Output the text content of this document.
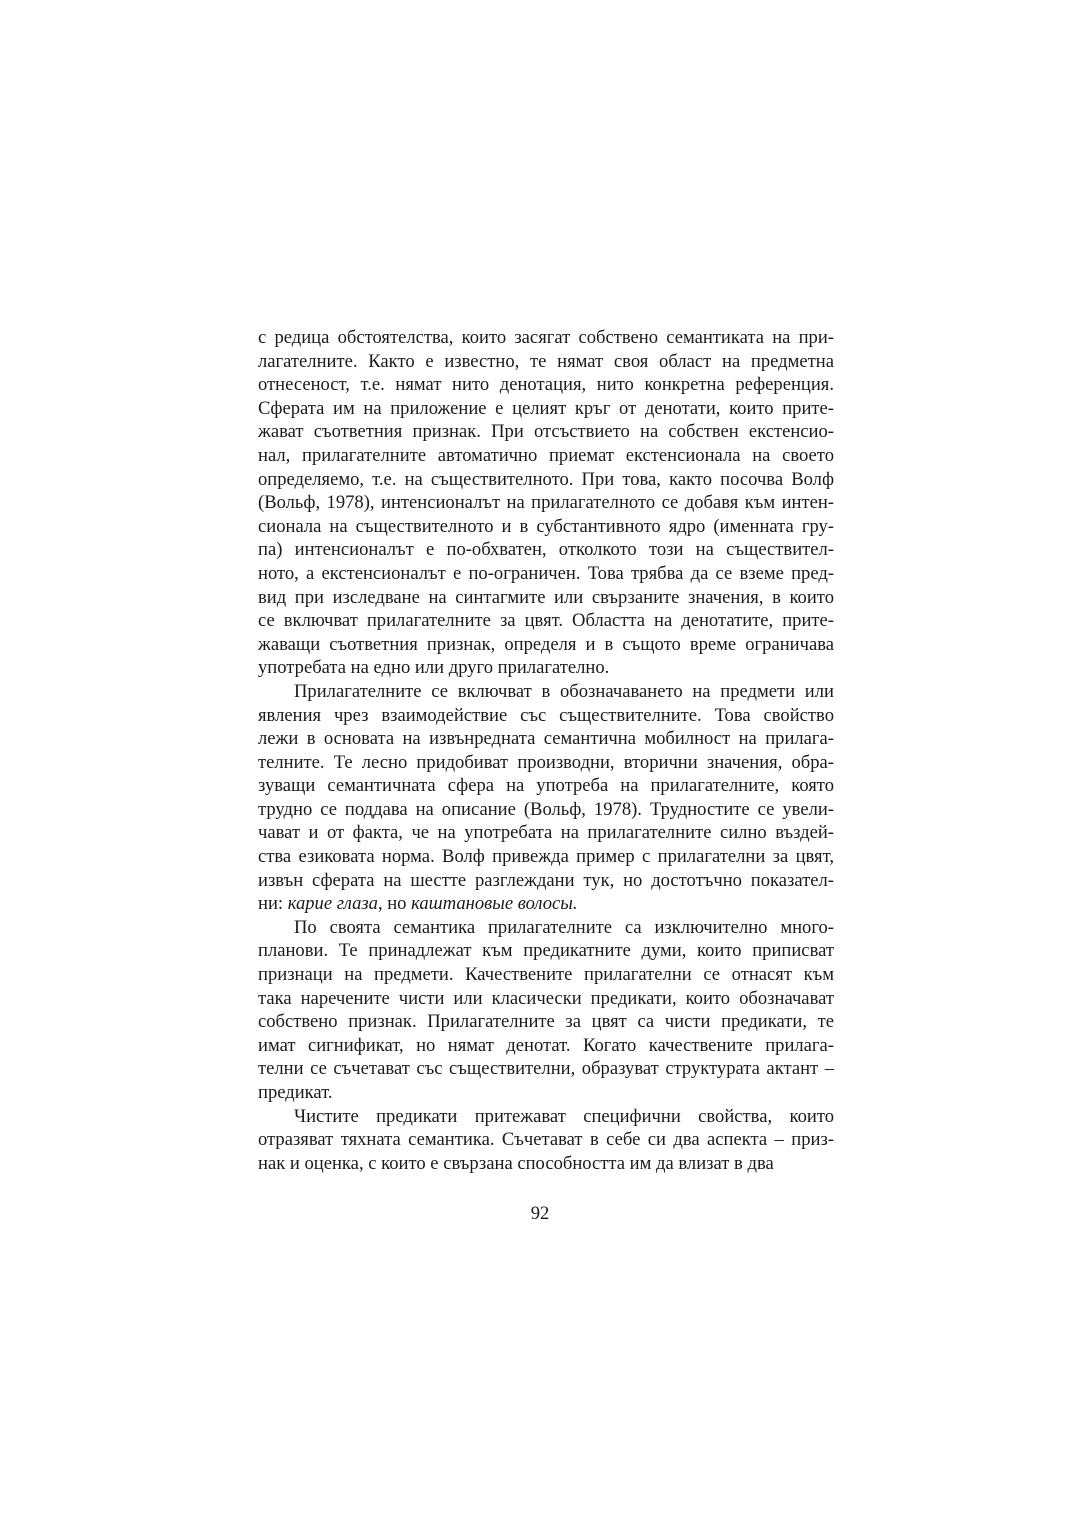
с редица обстоятелства, които засягат собствено семантиката на при-
лагателните. Както е известно, те нямат своя област на предметна
отнесеност, т.е. нямат нито денотация, нито конкретна референция.
Сферата им на приложение е целият кръг от денотати, които прите-
жават съответния признак. При отсъствието на собствен екстенсио-
нал, прилагателните автоматично приемат екстенсионала на своето
определяемо, т.е. на съществителното. При това, както посочва Волф
(Вольф, 1978), интенсионалът на прилагателното се добавя към интен-
сионала на съществителното и в субстантивното ядро (именната гру-
па) интенсионалът е по-обхватен, отколкото този на съществител-
ното, а екстенсионалът е по-ограничен. Това трябва да се вземе пред-
вид при изследване на синтагмите или свързаните значения, в които
се включват прилагателните за цвят. Областта на денотатите, прите-
жаващи съответния признак, определя и в същото време ограничава
употребата на едно или друго прилагателно.
Прилагателните се включват в обозначаването на предмети или
явления чрез взаимодействие със съществителните. Това свойство
лежи в основата на извънредната семантична мобилност на прилага-
телните. Те лесно придобиват производни, вторични значения, обра-
зуващи семантичната сфера на употреба на прилагателните, която
трудно се поддава на описание (Вольф, 1978). Трудностите се увели-
чават и от факта, че на употребата на прилагателните силно въздей-
ства езиковата норма. Волф привежда пример с прилагателни за цвят,
извън сферата на шестте разглеждани тук, но достотъчно показател-
ни: карие глаза, но каштановые волосы.
По своята семантика прилагателните са изключително много-
планови. Те принадлежат към предикатните думи, които приписват
признаци на предмети. Качествените прилагателни се отнасят към
така наречените чисти или класически предикати, които обозначават
собствено признак. Прилагателните за цвят са чисти предикати, те
имат сигнификат, но нямат денотат. Когато качествените прилага-
телни се съчетават със съществителни, образуват структурата актант –
предикат.
Чистите предикати притежават специфични свойства, които
отразяват тяхната семантика. Съчетават в себе си два аспекта – приз-
нак и оценка, с които е свързана способността им да влизат в два
92
